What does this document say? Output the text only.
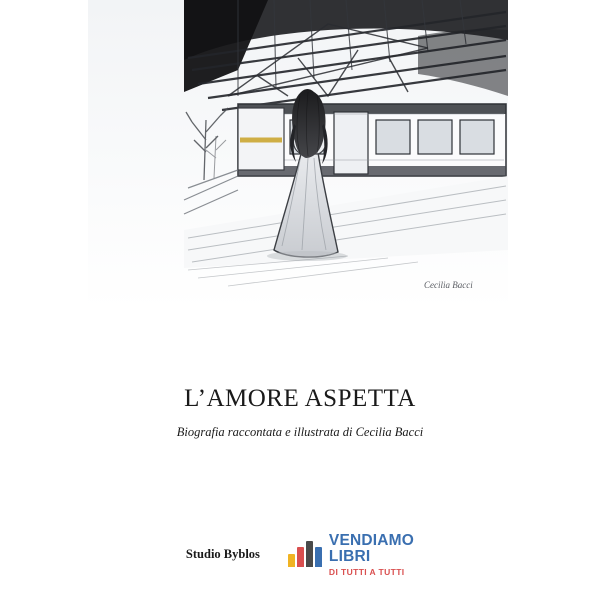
Cecilia Bacci
L’AMORE ASPETTA

Biografia raccontata e illustrata di Cecilia Bacci

Studio Byblos
VENDIAMO
LIBRI
DI TUTTI A TUTTI
